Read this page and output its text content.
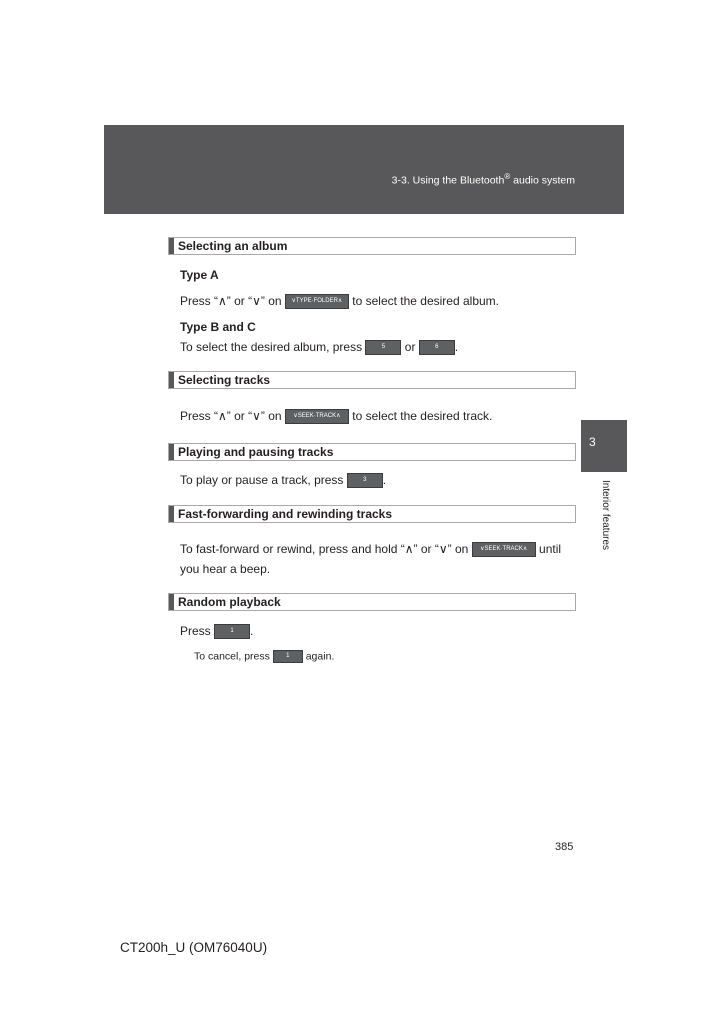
3-3. Using the Bluetooth® audio system
3
Interior features
Selecting an album
Type A
Press “∧” or “∨” on ∨TYPE·FOLDER∧ to select the desired album.
Type B and C
To select the desired album, press	5 or	6 .
Selecting tracks
Press “∧” or “∨” on ∨SEEK·TRACK∧ to select the desired track.
Playing and pausing tracks
To play or pause a track, press	3 .
Fast-forwarding and rewinding tracks
To fast-forward or rewind, press and hold “∧” or “∨” on ∨SEEK·TRACK∧ until
you hear a beep.
Random playback
Press	1 .
To cancel, press 1 again.
385
CT200h_U (OM76040U)
